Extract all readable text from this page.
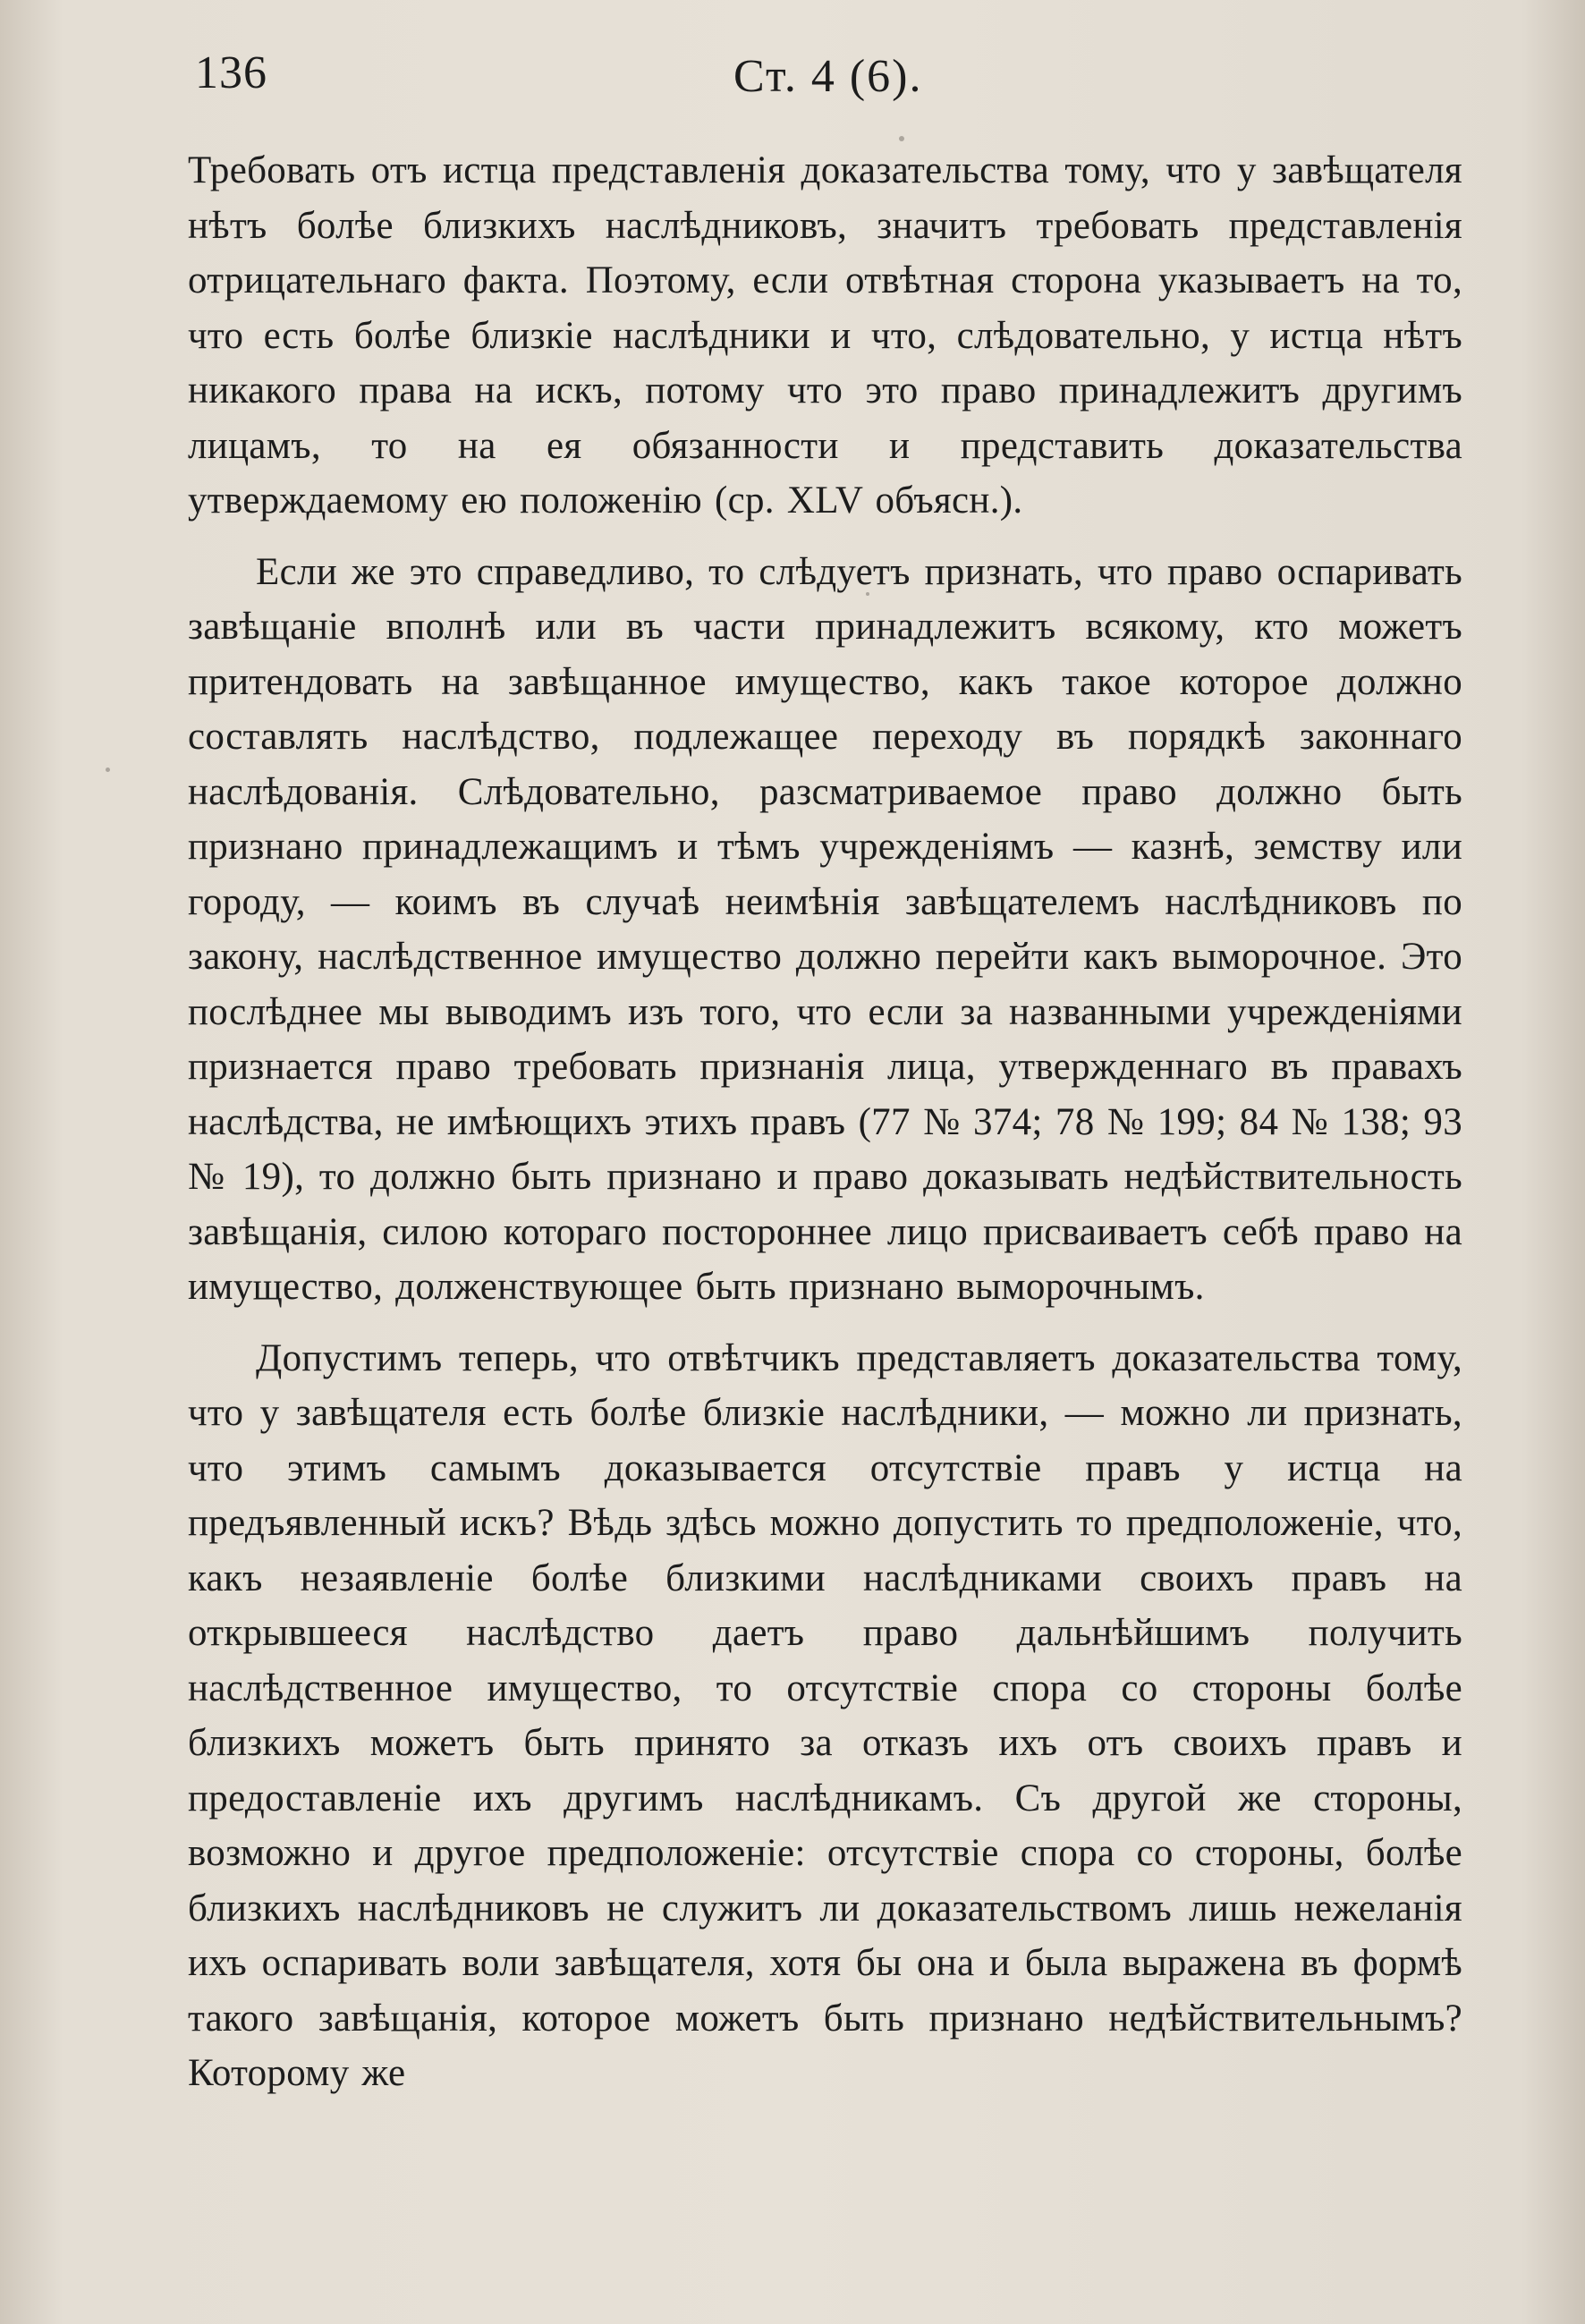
136	Ст. 4 (6).

Требовать отъ истца представленія доказательства тому, что у завѣщателя нѣтъ болѣе близкихъ наслѣдниковъ, значитъ требовать представленія отрицательнаго факта. Поэтому, если отвѣтная сторона указываетъ на то, что есть болѣе близкіе наслѣдники и что, слѣдовательно, у истца нѣтъ никакого права на искъ, потому что это право принадлежитъ другимъ лицамъ, то на ея обязанности и представить доказательства утверждаемому ею положенію (ср. XLV объясн.).

Если же это справедливо, то слѣдуетъ признать, что право оспаривать завѣщаніе вполнѣ или въ части принадлежитъ всякому, кто можетъ притендовать на завѣщанное имущество, какъ такое которое должно составлять наслѣдство, подлежащее переходу въ порядкѣ законнаго наслѣдованія. Слѣдовательно, разсматриваемое право должно быть признано принадлежащимъ и тѣмъ учрежденіямъ — казнѣ, земству или городу, — коимъ въ случаѣ неимѣнія завѣщателемъ наслѣдниковъ по закону, наслѣдственное имущество должно перейти какъ выморочное. Это послѣднее мы выводимъ изъ того, что если за названными учрежденіями признается право требовать признанія лица, утвержденнаго въ правахъ наслѣдства, не имѣющихъ этихъ правъ (77 № 374; 78 № 199; 84 № 138; 93 № 19), то должно быть признано и право доказывать недѣйствительность завѣщанія, силою котораго постороннее лицо присваиваетъ себѣ право на имущество, долженствующее быть признано выморочнымъ.

Допустимъ теперь, что отвѣтчикъ представляетъ доказательства тому, что у завѣщателя есть болѣе близкіе наслѣдники, — можно ли признать, что этимъ самымъ доказывается отсутствіе правъ у истца на предъявленный искъ? Вѣдь здѣсь можно допустить то предположеніе, что, какъ незаявленіе болѣе близкими наслѣдниками своихъ правъ на открывшееся наслѣдство даетъ право дальнѣйшимъ получить наслѣдственное имущество, то отсутствіе спора со стороны болѣе близкихъ можетъ быть принято за отказъ ихъ отъ своихъ правъ и предоставленіе ихъ другимъ наслѣдникамъ. Съ другой же стороны, возможно и другое предположеніе: отсутствіе спора со стороны, болѣе близкихъ наслѣдниковъ не служитъ ли доказательствомъ лишь нежеланія ихъ оспаривать воли завѣщателя, хотя бы она и была выражена въ формѣ такого завѣщанія, которое можетъ быть признано недѣйствительнымъ? Которому же
